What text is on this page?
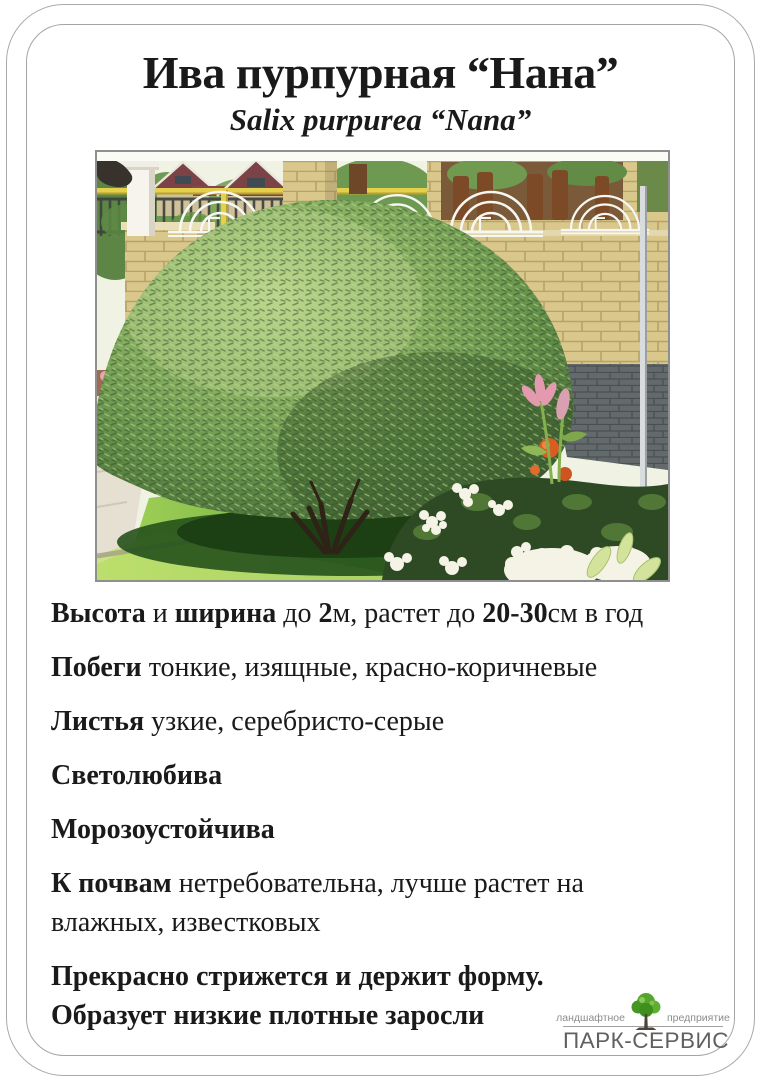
Ива пурпурная “Нана”
Salix purpurea “Nana”

Высота и ширина до 2м, растет до 20-30см в год

Побеги тонкие, изящные, красно-коричневые

Листья узкие, серебристо-серые

Светолюбива

Морозоустойчива

К почвам нетребовательна, лучше растет на
влажных, известковых

Прекрасно стрижется и держит форму.
Образует низкие плотные заросли	ландшафтное	предприятие
ПАРК-СЕРВИС
